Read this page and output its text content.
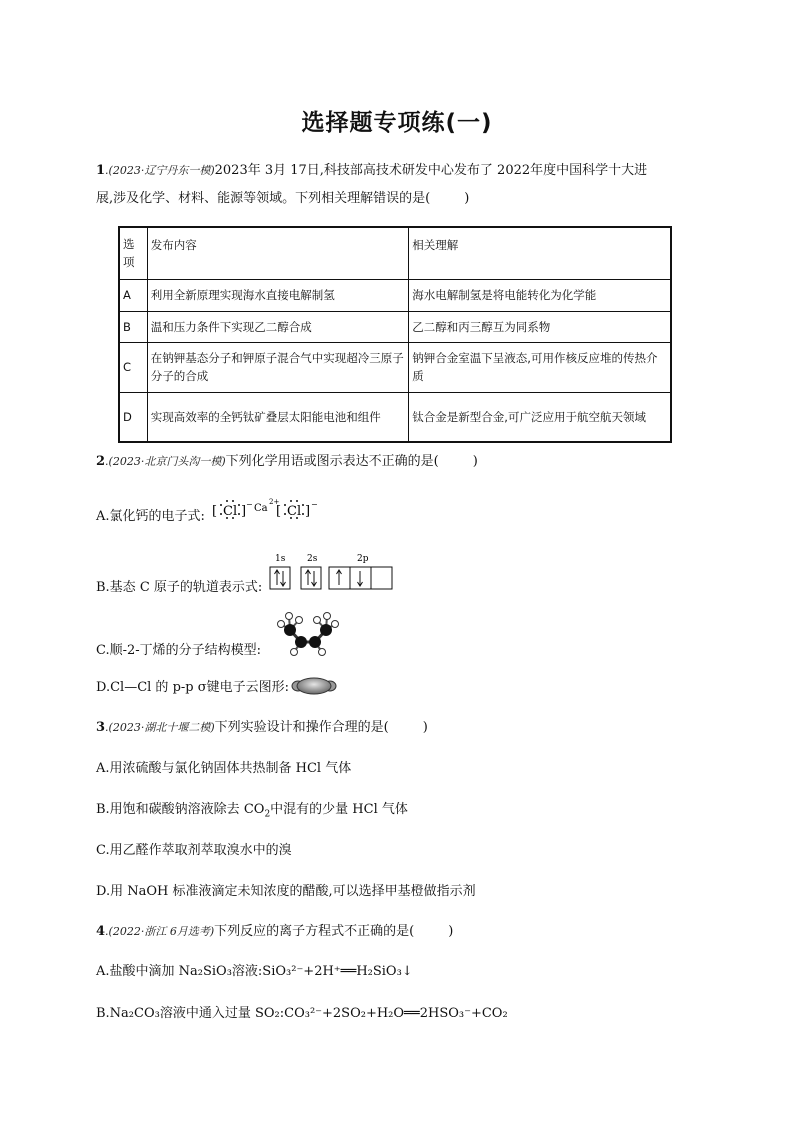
选择题专项练(一)
1.(2023·辽宁丹东一模)2023年 3月 17日,科技部高技术研发中心发布了 2022年度中国科学十大进
展,涉及化学、材料、能源等领域。下列相关理解错误的是(	)
选项	发布内容	相关理解
A	利用全新原理实现海水直接电解制氢	海水电解制氢是将电能转化为化学能
B	温和压力条件下实现乙二醇合成	乙二醇和丙三醇互为同系物
C	在钠钾基态分子和钾原子混合气中实现超冷三原子分子的合成	钠钾合金室温下呈液态,可用作核反应堆的传热介质
D	实现高效率的全钙钛矿叠层太阳能电池和组件	钛合金是新型合金,可广泛应用于航空航天领域
2.(2023·北京门头沟一模)下列化学用语或图示表达不正确的是(	)
A.氯化钙的电子式: [ Cl ] − Ca
2+
[ Cl ] −
B.基态 C 原子的轨道表示式:
1s 2s	2p
C.顺-2-丁烯的分子结构模型:
D.Cl—Cl 的 p-p σ键电子云图形:
3.(2023·湖北十堰二模)下列实验设计和操作合理的是(	)
A.用浓硫酸与氯化钠固体共热制备 HCl 气体
B.用饱和碳酸钠溶液除去 $CO_2$中混有的少量 HCl 气体
C.用乙醛作萃取剂萃取溴水中的溴
D.用 NaOH 标准液滴定未知浓度的醋酸,可以选择甲基橙做指示剂
4.(2022·浙江 6月选考)下列反应的离子方程式不正确的是(	)
A.盐酸中滴加 Na₂SiO₃溶液:SiO₃²⁻+2H⁺══H₂SiO₃↓
B.Na₂CO₃溶液中通入过量 SO₂:CO₃²⁻+2SO₂+H₂O══2HSO₃⁻+CO₂
